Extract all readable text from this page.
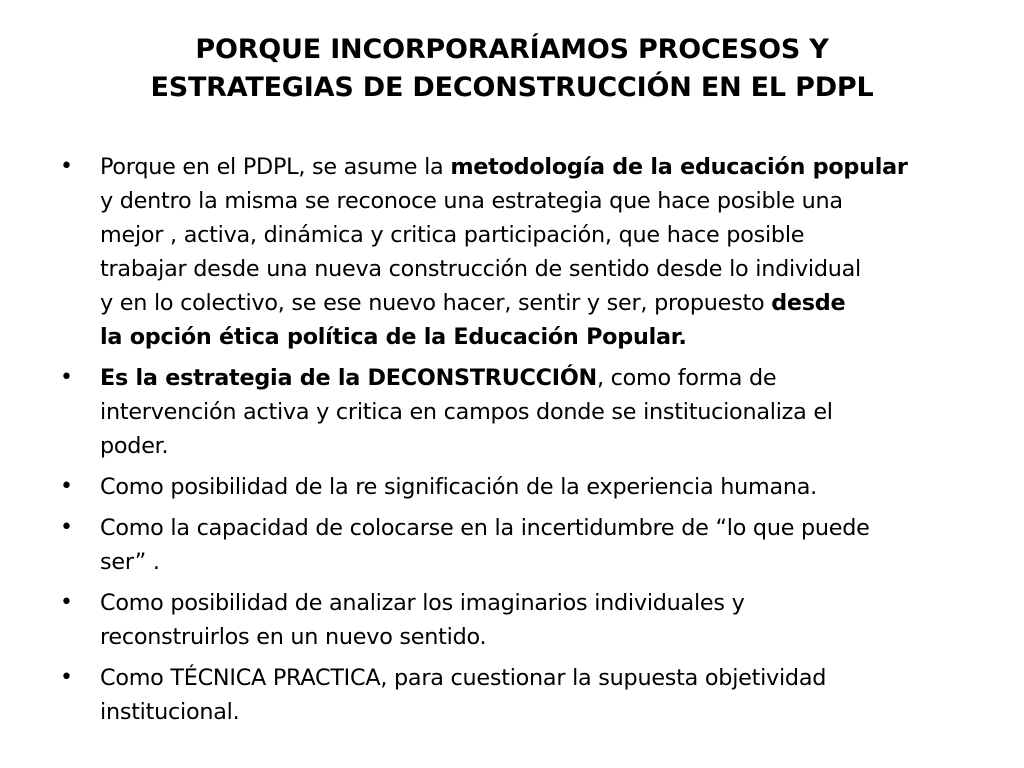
PORQUE INCORPORARÍAMOS PROCESOS Y
ESTRATEGIAS DE DECONSTRUCCIÓN EN EL PDPL
• Porque en el PDPL, se asume la metodología de la educación popular
y dentro la misma se reconoce una estrategia que hace posible una
mejor , activa, dinámica y critica participación, que hace posible
trabajar desde una nueva construcción de sentido desde lo individual
y en lo colectivo, se ese nuevo hacer, sentir y ser, propuesto desde
la opción ética política de la Educación Popular.
• Es la estrategia de la DECONSTRUCCIÓN, como forma de
intervención activa y critica en campos donde se institucionaliza el
poder.
• Como posibilidad de la re significación de la experiencia humana.
• Como la capacidad de colocarse en la incertidumbre de “lo que puede
ser” .
• Como posibilidad de analizar los imaginarios individuales y
reconstruirlos en un nuevo sentido.
• Como TÉCNICA PRACTICA, para cuestionar la supuesta objetividad
institucional.
